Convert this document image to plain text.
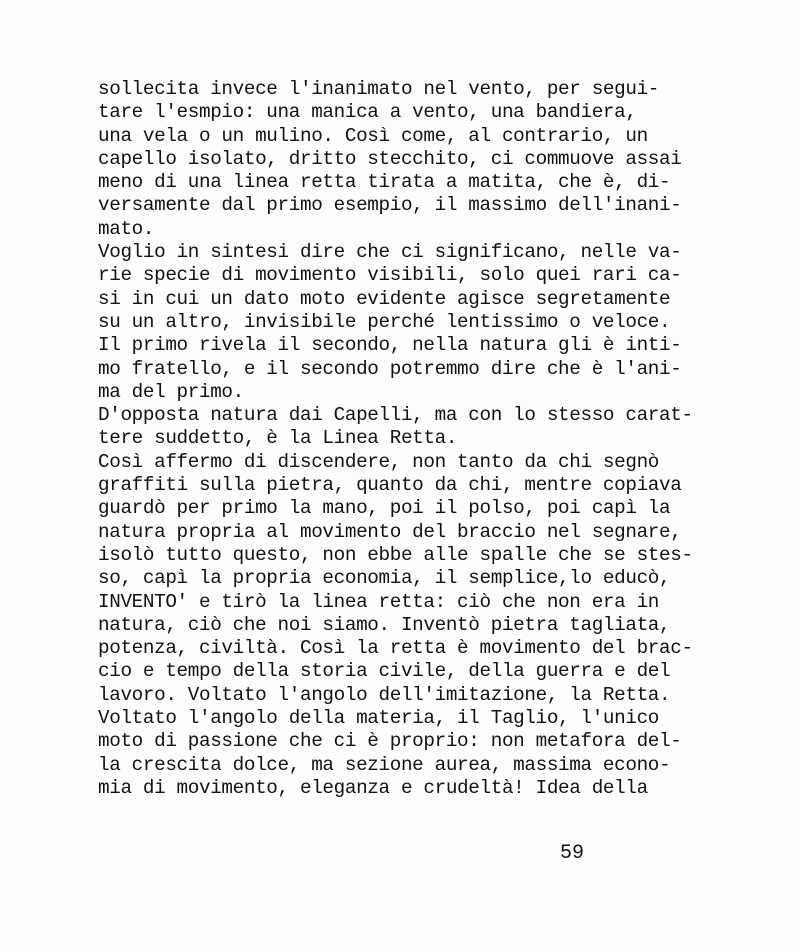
sollecita invece l'inanimato nel vento, per segui-
tare l'esmpio: una manica a vento, una bandiera,
una vela o un mulino. Così come, al contrario, un
capello isolato, dritto stecchito, ci commuove assai
meno di una linea retta tirata a matita, che è, di-
versamente dal primo esempio, il massimo dell'inani-
mato.
Voglio in sintesi dire che ci significano, nelle va-
rie specie di movimento visibili, solo quei rari ca-
si in cui un dato moto evidente agisce segretamente
su un altro, invisibile perché lentissimo o veloce.
Il primo rivela il secondo, nella natura gli è inti-
mo fratello, e il secondo potremmo dire che è l'ani-
ma del primo.
D'opposta natura dai Capelli, ma con lo stesso carat-
tere suddetto, è la Linea Retta.
Così affermo di discendere, non tanto da chi segnò
graffiti sulla pietra, quanto da chi, mentre copiava
guardò per primo la mano, poi il polso, poi capì la
natura propria al movimento del braccio nel segnare,
isolò tutto questo, non ebbe alle spalle che se stes-
so, capì la propria economia, il semplice,lo educò,
INVENTO' e tirò la linea retta: ciò che non era in
natura, ciò che noi siamo. Inventò pietra tagliata,
potenza, civiltà. Così la retta è movimento del brac-
cio e tempo della storia civile, della guerra e del
lavoro. Voltato l'angolo dell'imitazione, la Retta.
Voltato l'angolo della materia, il Taglio, l'unico
moto di passione che ci è proprio: non metafora del-
la crescita dolce, ma sezione aurea, massima econo-
mia di movimento, eleganza e crudeltà! Idea della
59
